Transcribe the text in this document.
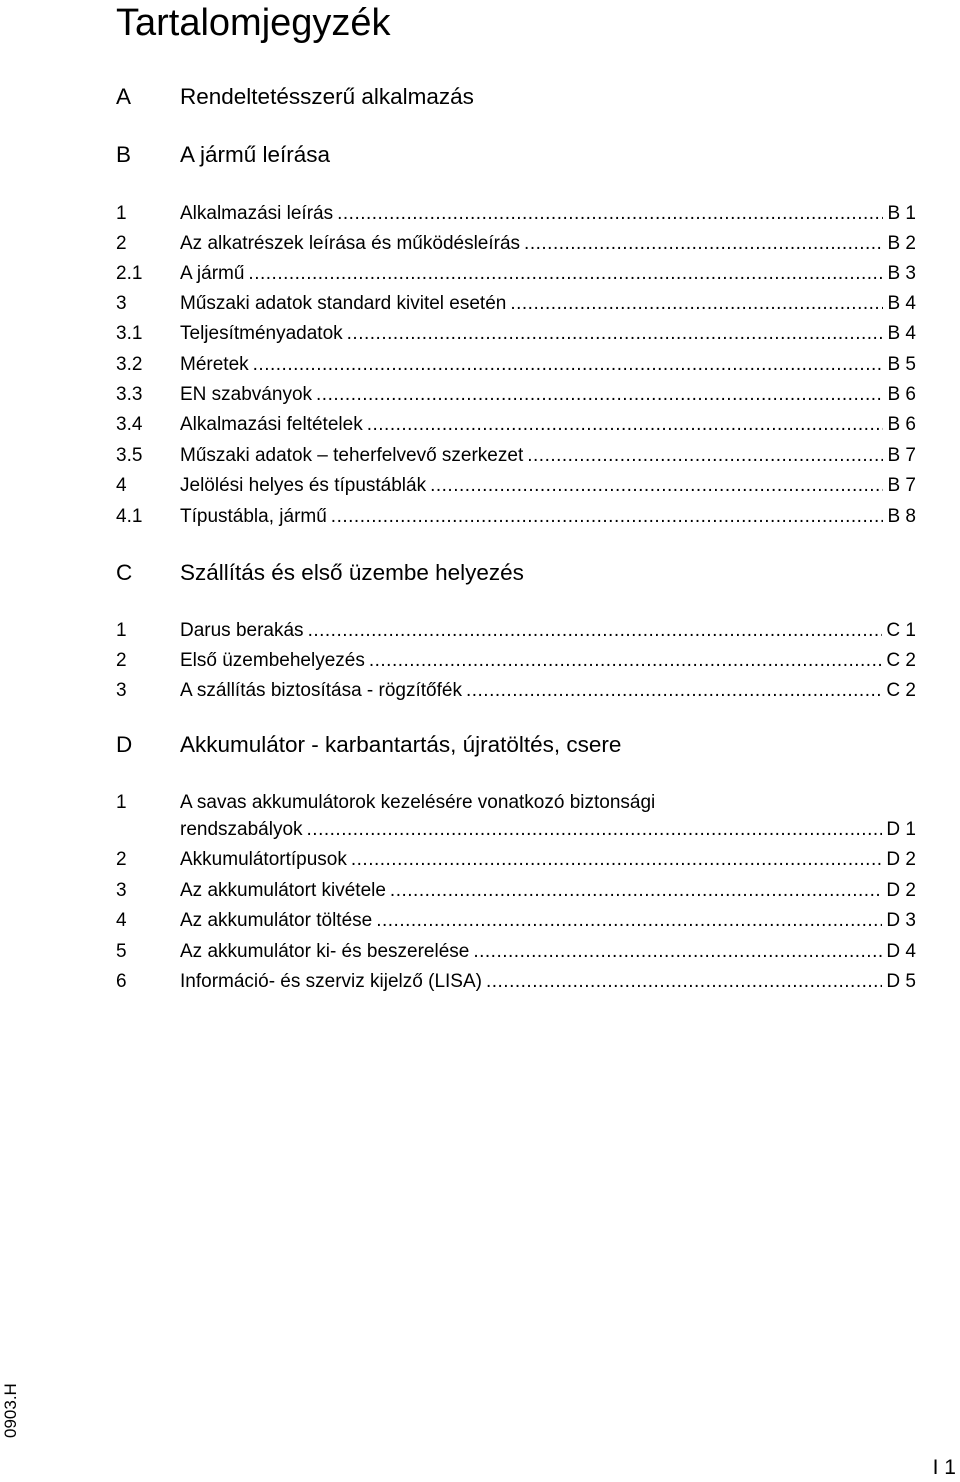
Tartalomjegyzék
A Rendeltetésszerű alkalmazás
B A jármű leírása
1	Alkalmazási leírás .....	B 1
2	Az alkatrészek leírása és működésleírás .....	B 2
2.1 A jármű .....	B 3
3	Műszaki adatok standard kivitel esetén .....	B 4
3.1 Teljesítményadatok .....	B 4
3.2 Méretek .....	B 5
3.3 EN szabványok .....	B 6
3.4 Alkalmazási feltételek .....	B 6
3.5 Műszaki adatok – teherfelvevő szerkezet .....	B 7
4	Jelölési helyes és típustáblák .....	B 7
4.1 Típustábla, jármű .....	B 8
C Szállítás és első üzembe helyezés
1	Darus berakás .....	C 1
2	Első üzembehelyezés .....	C 2
3	A szállítás biztosítása - rögzítőfék .....	C 2
D Akkumulátor - karbantartás, újratöltés, csere
1	A savas akkumulátorok kezelésére vonatkozó biztonsági
rendszabályok .....	D 1
2	Akkumulátortípusok .....	D 2
3	Az akkumulátort kivétele .....	D 2
4	Az akkumulátor töltése .....	D 3
5	Az akkumulátor ki- és beszerelése .....	D 4
6	Információ- és szerviz kijelző (LISA) .....	D 5
0903.H
I 1
